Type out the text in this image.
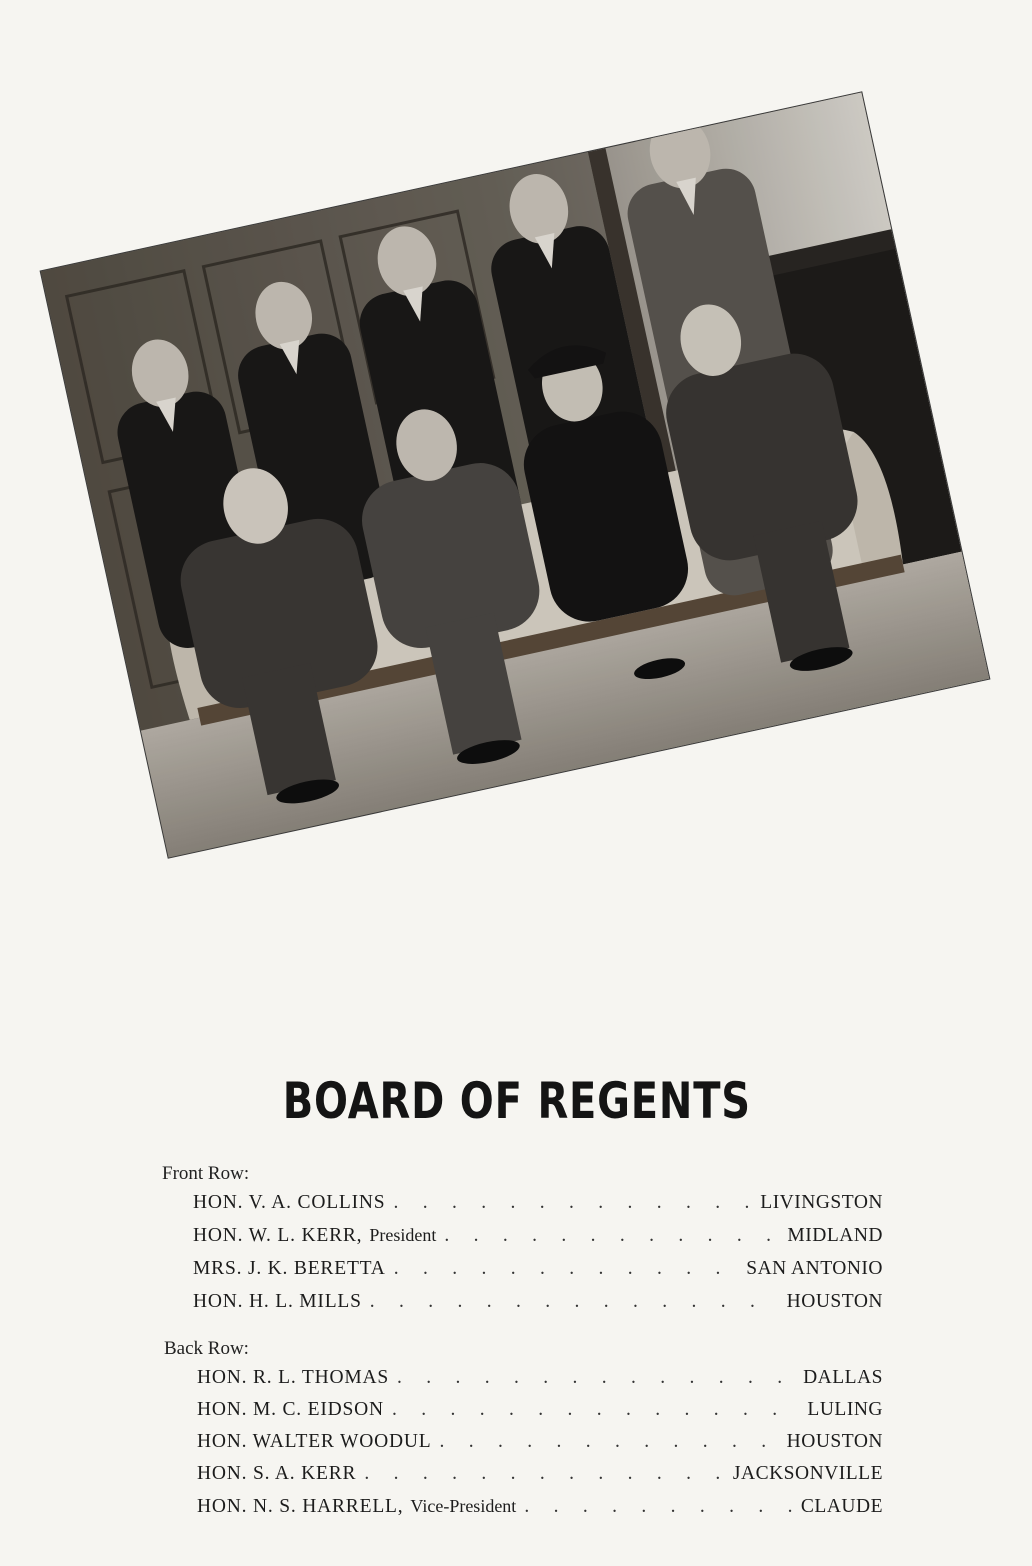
BOARD OF REGENTS
Front Row:
HON. V. A. COLLINS .	LIVINGSTON
HON. W. L. KERR, President .	MIDLAND
MRS. J. K. BERETTA .	SAN ANTONIO
HON. H. L. MILLS .	HOUSTON
Back Row:
HON. R. L. THOMAS .	DALLAS
HON. M. C. EIDSON .	LULING
HON. WALTER WOODUL .	HOUSTON
HON. S. A. KERR .	JACKSONVILLE
HON. N. S. HARRELL, Vice-President .	CLAUDE
